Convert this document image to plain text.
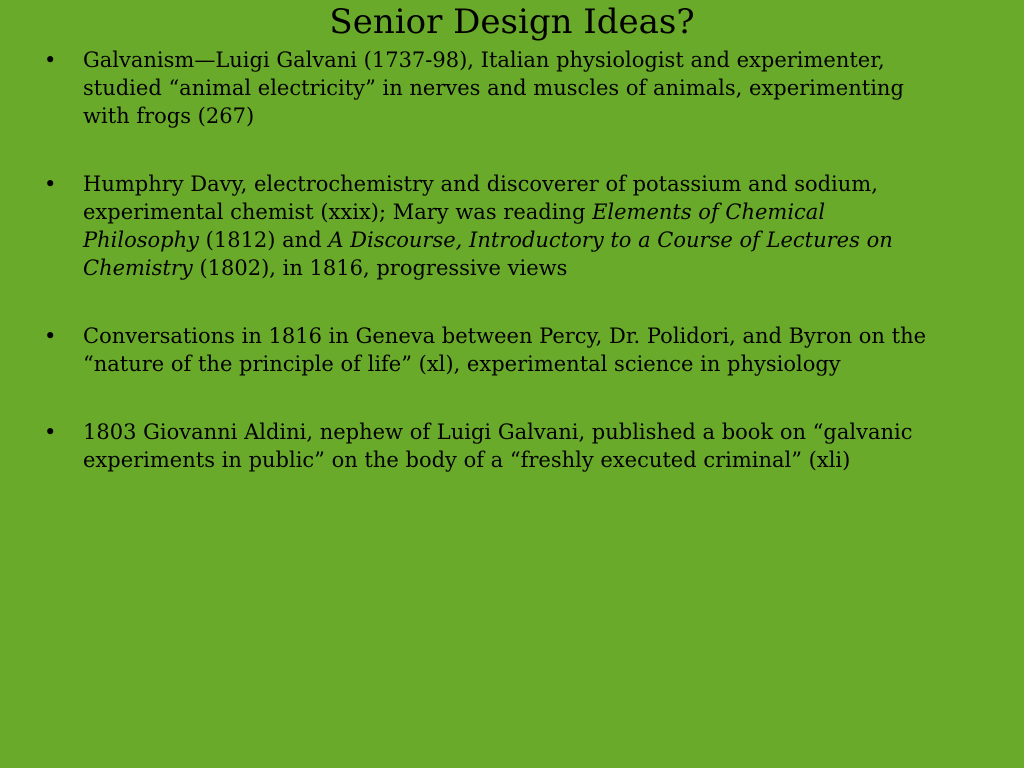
Senior Design Ideas?
• Galvanism—Luigi Galvani (1737-98), Italian physiologist and experimenter, studied “animal electricity” in nerves and muscles of animals, experimenting with frogs (267)
• Humphry Davy, electrochemistry and discoverer of potassium and sodium, experimental chemist (xxix); Mary was reading Elements of Chemical Philosophy (1812) and A Discourse, Introductory to a Course of Lectures on Chemistry (1802), in 1816, progressive views
• Conversations in 1816 in Geneva between Percy, Dr. Polidori, and Byron on the “nature of the principle of life” (xl), experimental science in physiology
• 1803 Giovanni Aldini, nephew of Luigi Galvani, published a book on “galvanic experiments in public” on the body of a “freshly executed criminal” (xli)
